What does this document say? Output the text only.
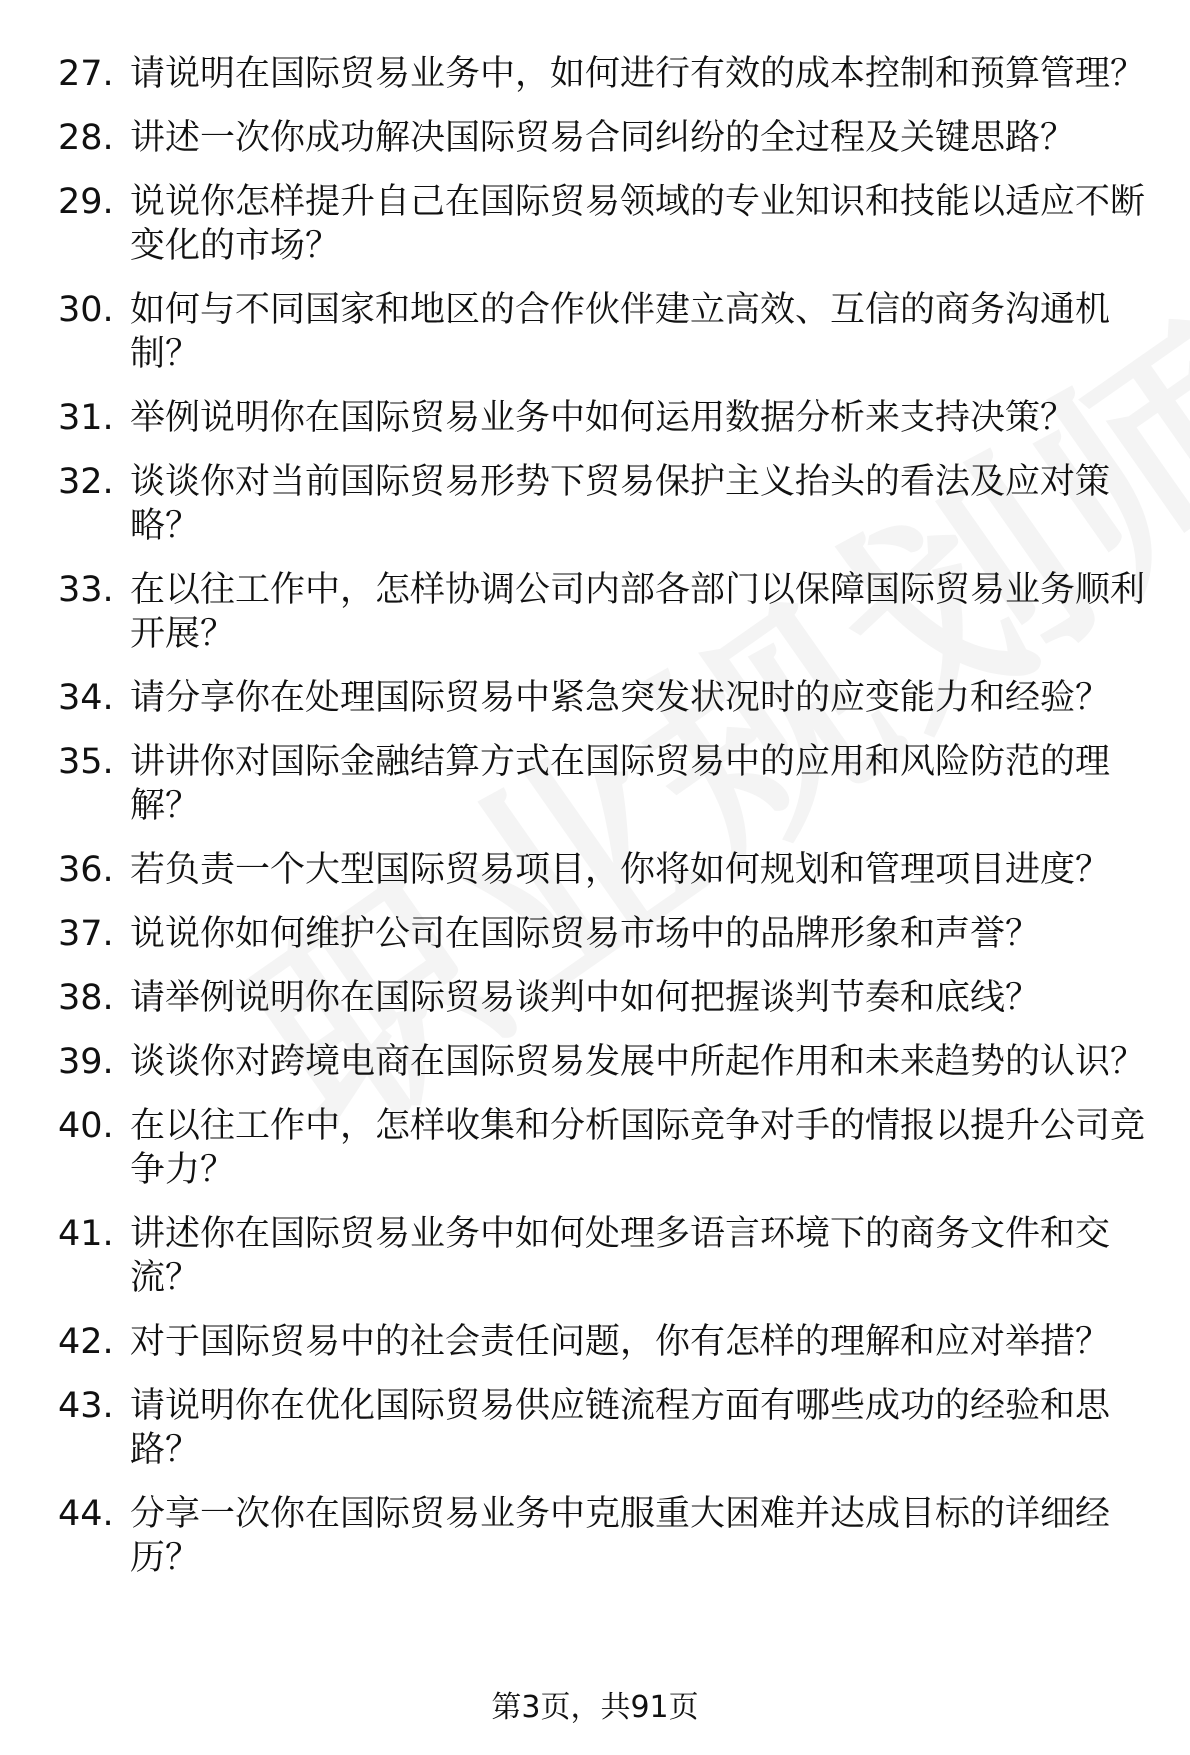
27. 请说明在国际贸易业务中，如何进行有效的成本控制和预算管理？
28. 讲述一次你成功解决国际贸易合同纠纷的全过程及关键思路？
29. 说说你怎样提升自己在国际贸易领域的专业知识和技能以适应不断变化的市场？
30. 如何与不同国家和地区的合作伙伴建立高效、互信的商务沟通机制？
31. 举例说明你在国际贸易业务中如何运用数据分析来支持决策？
32. 谈谈你对当前国际贸易形势下贸易保护主义抬头的看法及应对策略？
33. 在以往工作中，怎样协调公司内部各部门以保障国际贸易业务顺利开展？
34. 请分享你在处理国际贸易中紧急突发状况时的应变能力和经验？
35. 讲讲你对国际金融结算方式在国际贸易中的应用和风险防范的理解？
36. 若负责一个大型国际贸易项目，你将如何规划和管理项目进度？
37. 说说你如何维护公司在国际贸易市场中的品牌形象和声誉？
38. 请举例说明你在国际贸易谈判中如何把握谈判节奏和底线？
39. 谈谈你对跨境电商在国际贸易发展中所起作用和未来趋势的认识？
40. 在以往工作中，怎样收集和分析国际竞争对手的情报以提升公司竞争力？
41. 讲述你在国际贸易业务中如何处理多语言环境下的商务文件和交流？
42. 对于国际贸易中的社会责任问题，你有怎样的理解和应对举措？
43. 请说明你在优化国际贸易供应链流程方面有哪些成功的经验和思路？
44. 分享一次你在国际贸易业务中克服重大困难并达成目标的详细经历？
第3页，共91页
